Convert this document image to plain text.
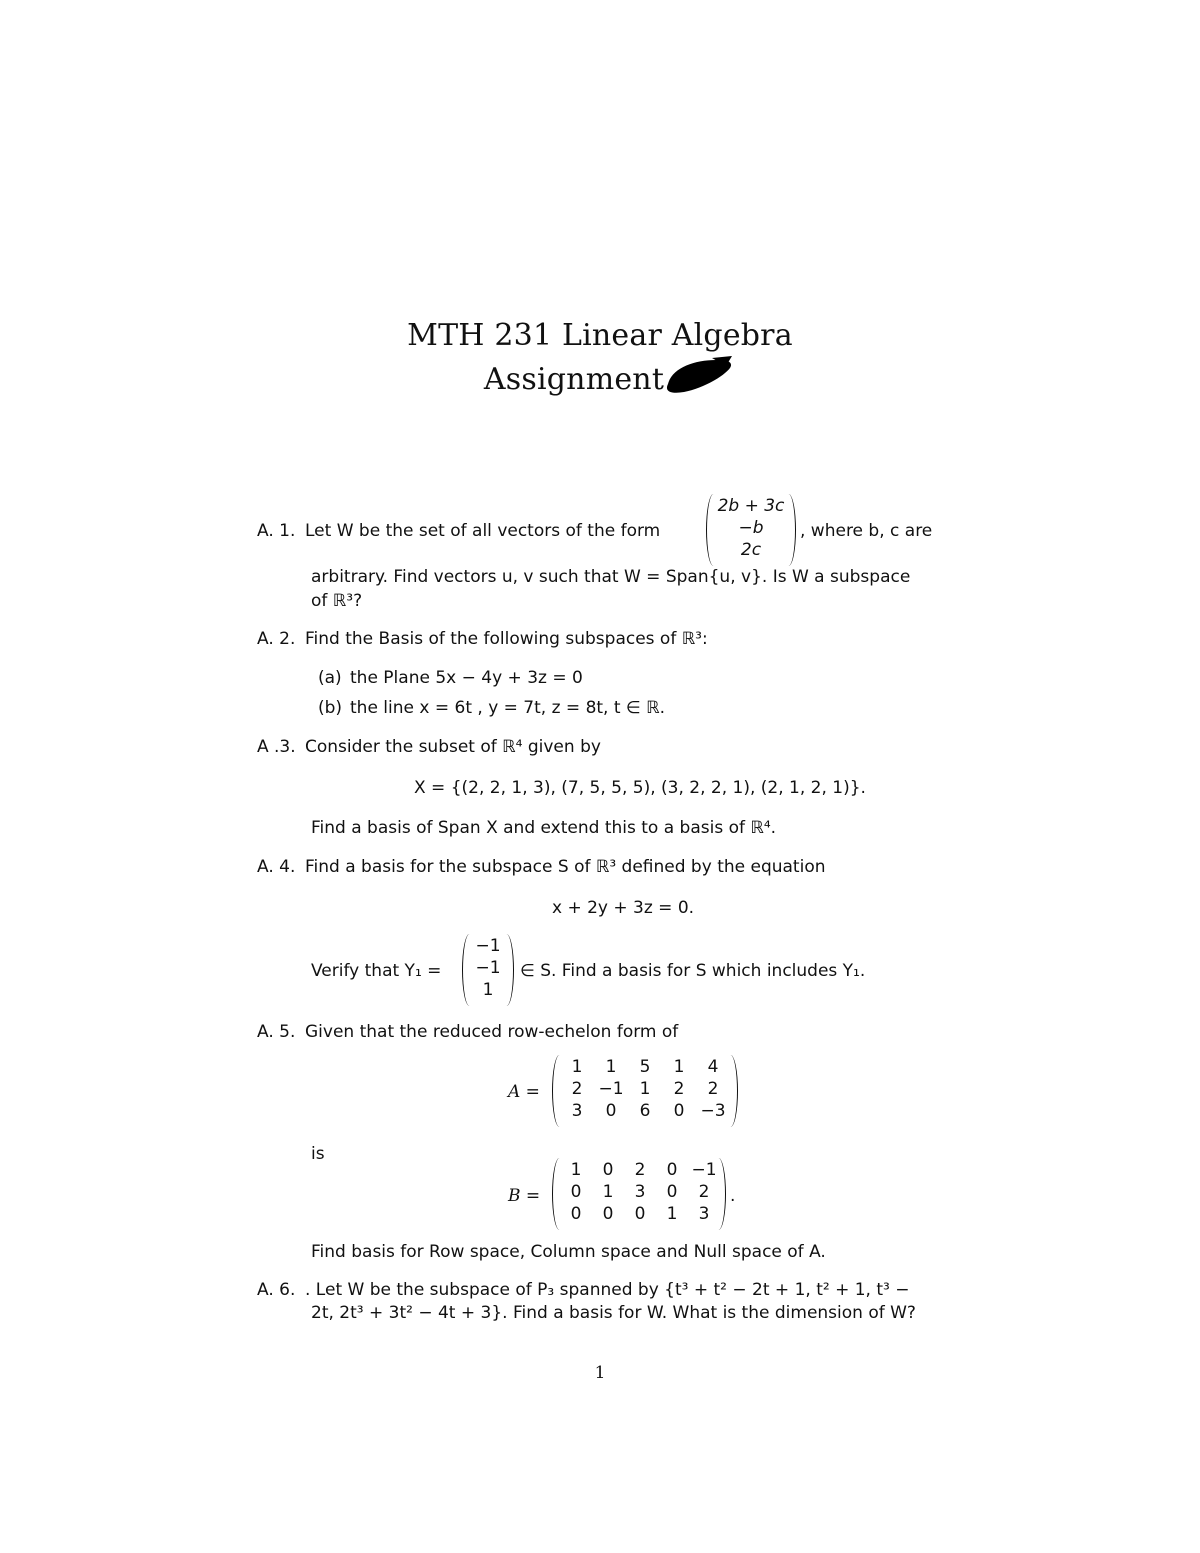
MTH 231 Linear Algebra
Assignment
A. 1. Let W be the set of all vectors of the form
2b + 3c
−b
2c
, where b, c are
arbitrary. Find vectors u, v such that W = Span{u, v}. Is W a subspace
of ℝ³?
A. 2. Find the Basis of the following subspaces of ℝ³:
(a) the Plane 5x − 4y + 3z = 0
(b) the line x = 6t , y = 7t, z = 8t, t ∈ ℝ.
A .3. Consider the subset of ℝ⁴ given by
X = {(2, 2, 1, 3), (7, 5, 5, 5), (3, 2, 2, 1), (2, 1, 2, 1)}.
Find a basis of Span X and extend this to a basis of ℝ⁴.
A. 4. Find a basis for the subspace S of ℝ³ defined by the equation
x + 2y + 3z = 0.
Verify that Y₁ =
−1
−1
1
∈ S. Find a basis for S which includes Y₁.
A. 5. Given that the reduced row-echelon form of
A =
1	1	5	1	4
2 −1 1	2	2
3	0	6	0 −3
is
B =
1	0	2	0 −1
0	1	3	0	2
0	0	0	1	3
.
Find basis for Row space, Column space and Null space of A.
A. 6. . Let W be the subspace of P₃ spanned by {t³ + t² − 2t + 1, t² + 1, t³ −
2t, 2t³ + 3t² − 4t + 3}. Find a basis for W. What is the dimension of W?
1
